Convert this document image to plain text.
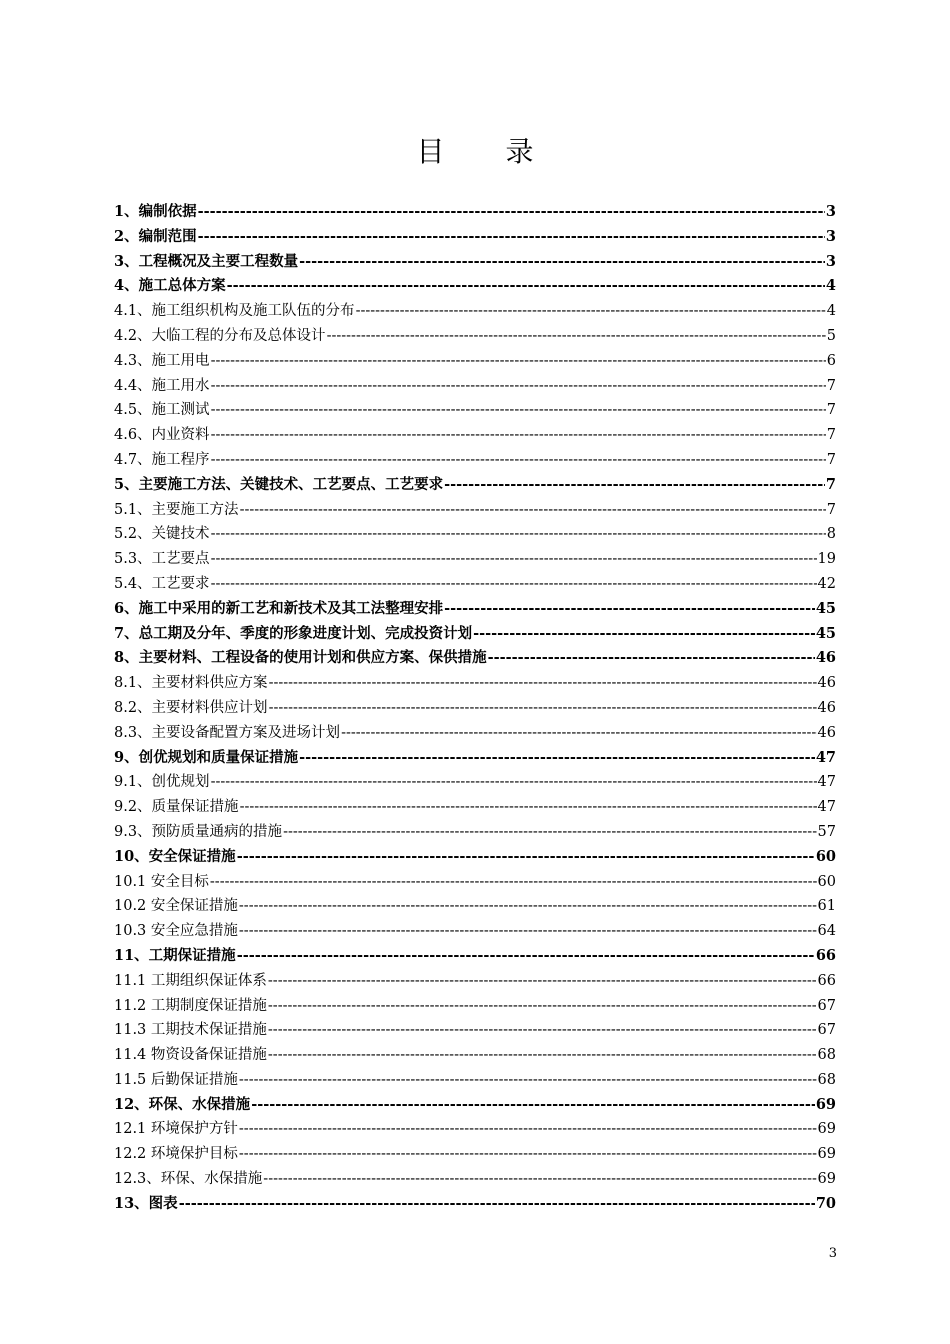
目 录
1、编制依据 -----	3
2、编制范围 -----	3
3、工程概况及主要工程数量 -----	3
4、施工总体方案 -----	4
4.1、施工组织机构及施工队伍的分布 -----	4
4.2、大临工程的分布及总体设计 -----	5
4.3、施工用电 -----	6
4.4、施工用水 -----	7
4.5、施工测试 -----	7
4.6、内业资料 -----	7
4.7、施工程序 -----	7
5、主要施工方法、关键技术、工艺要点、工艺要求 -----	7
5.1、主要施工方法 -----	7
5.2、关键技术 -----	8
5.3、工艺要点 -----	19
5.4、工艺要求 -----	42
6、施工中采用的新工艺和新技术及其工法整理安排 -----	45
7、总工期及分年、季度的形象进度计划、完成投资计划 -----	45
8、主要材料、工程设备的使用计划和供应方案、保供措施 -----	46
8.1、主要材料供应方案 -----	46
8.2、主要材料供应计划 -----	46
8.3、主要设备配置方案及进场计划 -----	46
9、创优规划和质量保证措施 -----	47
9.1、创优规划 -----	47
9.2、质量保证措施 -----	47
9.3、预防质量通病的措施 -----	57
10、安全保证措施 -----	60
10.1 安全目标 -----	60
10.2 安全保证措施 -----	61
10.3 安全应急措施 -----	64
11、工期保证措施 -----	66
11.1 工期组织保证体系 -----	66
11.2 工期制度保证措施 -----	67
11.3 工期技术保证措施 -----	67
11.4 物资设备保证措施 -----	68
11.5 后勤保证措施 -----	68
12、环保、水保措施 -----	69
12.1 环境保护方针 -----	69
12.2 环境保护目标 -----	69
12.3、环保、水保措施 -----	69
13、图表 -----	70
3
